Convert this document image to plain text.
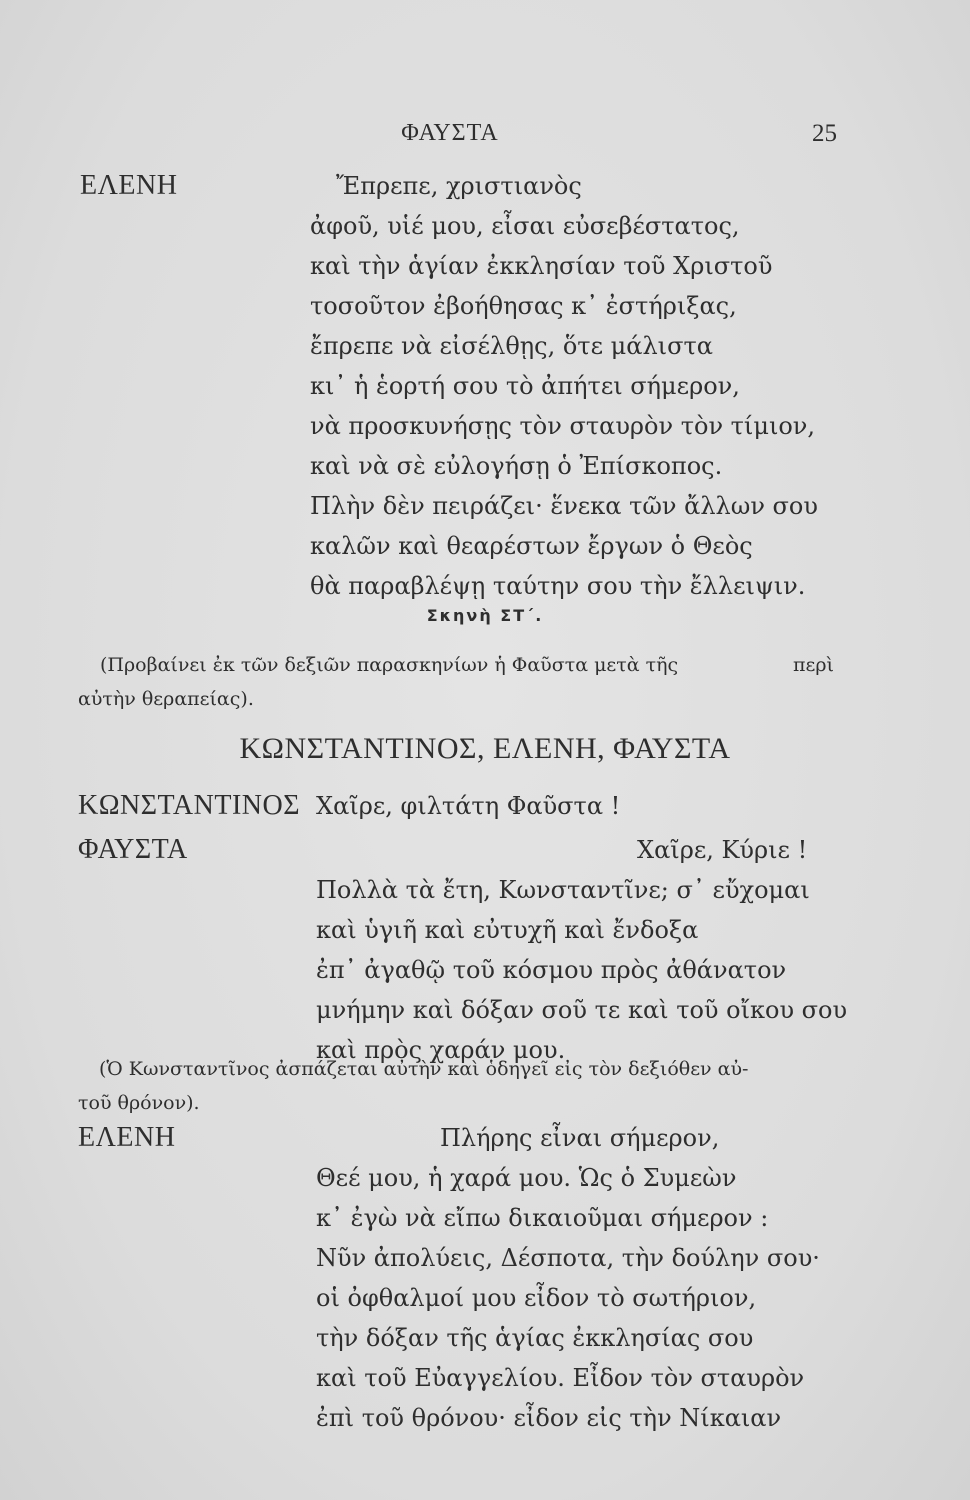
ΦΑΥΣΤΑ	25
ΕΛΕΝΗ	Ἔπρεπε, χριστιανὸς
ἀφοῦ, υἱέ μου, εἶσαι εὐσεβέστατος,
καὶ τὴν ἁγίαν ἐκκλησίαν τοῦ Χριστοῦ
τοσοῦτον ἐβοήθησας κ᾿ ἐστήριξας,
ἔπρεπε νὰ εἰσέλθῃς, ὅτε μάλιστα
κι᾿ ἡ ἑορτή σου τὸ ἀπήτει σήμερον,
νὰ προσκυνήσῃς τὸν σταυρὸν τὸν τίμιον,
καὶ νὰ σὲ εὐλογήσῃ ὁ Ἐπίσκοπος.
Πλὴν δὲν πειράζει· ἕνεκα τῶν ἄλλων σου
καλῶν καὶ θεαρέστων ἔργων ὁ Θεὸς
θὰ παραβλέψῃ ταύτην σου τὴν ἔλλειψιν.
Σκηνὴ ΣΤ΄.
(Προβαίνει ἐκ τῶν δεξιῶν παρασκηνίων ἡ Φαῦστα μετὰ τῆς	περὶ
αὐτὴν θεραπείας).
ΚΩΝΣΤΑΝΤΙΝΟΣ, ΕΛΕΝΗ, ΦΑΥΣΤΑ
ΚΩΝΣΤΑΝΤΙΝΟΣ Χαῖρε, φιλτάτη Φαῦστα !
ΦΑΥΣΤΑ	Χαῖρε, Κύριε !
Πολλὰ τὰ ἔτη, Κωνσταντῖνε; σ᾿ εὔχομαι
καὶ ὑγιῆ καὶ εὐτυχῆ καὶ ἔνδοξα
ἐπ᾿ ἀγαθῷ τοῦ κόσμου πρὸς ἀθάνατον
μνήμην καὶ δόξαν σοῦ τε καὶ τοῦ οἴκου σου
καὶ πρὸς χαράν μου.
(Ὁ Κωνσταντῖνος ἀσπάζεται αὐτὴν καὶ ὁδηγεῖ εἰς τὸν δεξιόθεν αὐ-
τοῦ θρόνον).
ΕΛΕΝΗ	Πλήρης εἶναι σήμερον,
Θεέ μου, ἡ χαρά μου. Ὡς ὁ Συμεὼν
κ᾿ ἐγὼ νὰ εἴπω δικαιοῦμαι σήμερον :
Νῦν ἀπολύεις, Δέσποτα, τὴν δούλην σου·
οἱ ὀφθαλμοί μου εἶδον τὸ σωτήριον,
τὴν δόξαν τῆς ἁγίας ἐκκλησίας σου
καὶ τοῦ Εὐαγγελίου. Εἶδον τὸν σταυρὸν
ἐπὶ τοῦ θρόνου· εἶδον εἰς τὴν Νίκαιαν
